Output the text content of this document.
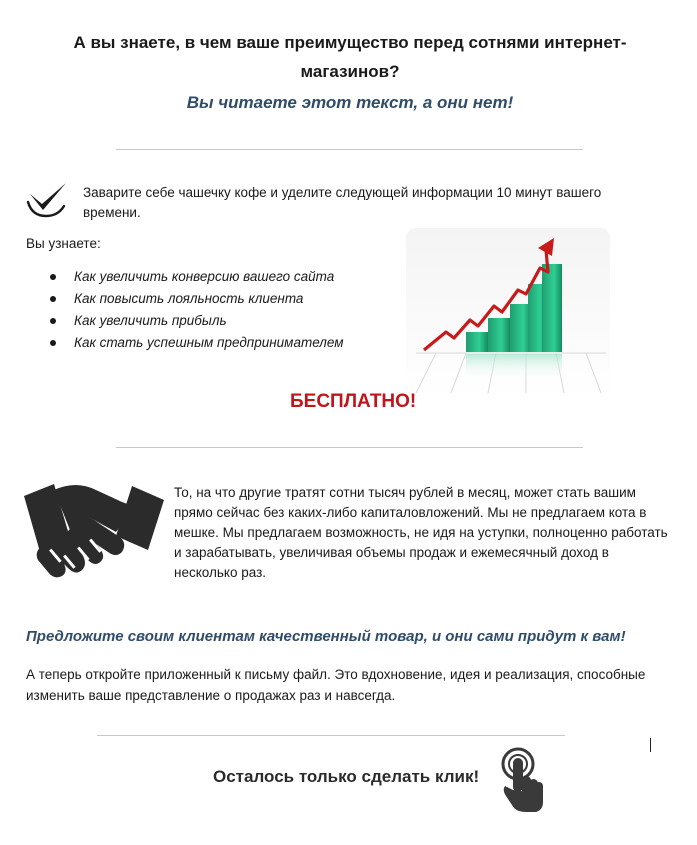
А вы знаете, в чем ваше преимущество перед сотнями интернет-магазинов?
Вы читаете этот текст, а они нет!
Заварите себе чашечку кофе и уделите следующей информации 10 минут вашего времени.
Вы узнаете:
Как увеличить конверсию вашего сайта
Как повысить лояльность клиента
Как увеличить прибыль
Как стать успешным предпринимателем
БЕСПЛАТНО!
То, на что другие тратят сотни тысяч рублей в месяц, может стать вашим прямо сейчас без каких-либо капиталовложений. Мы не предлагаем кота в мешке. Мы предлагаем возможность, не идя на уступки, полноценно работать и зарабатывать, увеличивая объемы продаж и ежемесячный доход в несколько раз.
Предложите своим клиентам качественный товар, и они сами придут к вам!
А теперь откройте приложенный к письму файл. Это вдохновение, идея и реализация, способные изменить ваше представление о продажах раз и навсегда.
Осталось только сделать клик!
